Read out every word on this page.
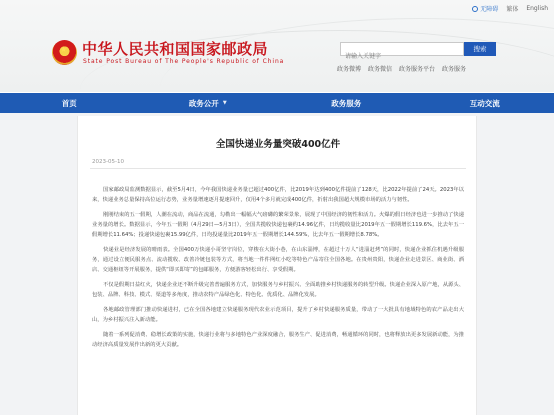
无障碍 繁体 English
★ 中华人民共和国国家邮政局
State Post Bureau of The People's Republic of China
请输入关键字
搜索
政务微博 政务微信 政务服务平台 政务服务
首页	政务公开 ▼	政务服务	互动交流
全国快递业务量突破400亿件
2023-05-10

国家邮政局监测数据显示，截至5月4日，今年我国快递业务量已超过400亿件，比2019年达到400亿件提前了128天，比2022年提前了24天。2023年以来，快递业务总量保持高位运行态势，业务量增速逐月提速回升，仅用4个多月就完成400亿件，折射出我国超大规模市场的活力与韧性。

刚刚结束的五一假期，人潮在流动，商品在流通，勾勒出一幅幅大气磅礴的繁荣景象，展现了中国经济的韧性和活力。火爆的假日经济也进一步推动了快递业务量的增长。数据显示，今年五一假期（4月29日—5月3日），全国共揽收快递包裹约14.96亿件，日均揽收量比2019年五一假期增长119.6%，比去年五一假期增长11.64%；投递快递包裹15.99亿件，日均投递量比2019年五一假期增长144.59%，比去年五一假期增长8.78%。

快递业是经济发展的晴雨表。全国400万快递小哥坚守岗位，穿梭在大街小巷，在山东淄博，在超过十万人“进淄赶烤”的同时，快递企业抓住机遇升级服务，通过设立便民服务点、流动揽收、改善冷链包装等方式，将当地一件件网红小吃等特色产品寄往全国各地。在贵州贵阳，快递企业走进景区、商业街、酒店、交通枢纽等开展服务，提供“即买即寄”的包邮服务，方便游客轻松出行、享受假期。

不仅是假期日益红火，快递企业还不断升级完善普遍服务方式，加快服务与乡村振兴、全面助推乡村快递服务的转型升级。快递企业深入原产地，从源头、包装、品牌、科技、模式、渠道等多角度，推动农特产品绿色化、特色化、优质化、品牌化发展。

各地邮政管理部门推动快递进村，已在全国各地建立快递服务现代农业示范项目，提升了乡村快递服务质量，带动了一大批具有地域特色的农产品走出大山，为乡村振兴注入新动能。

随着一系列促消费、稳增长政策的实施，快递行业将与多地特色产业深度融合，服务生产、促进消费，畅通循环的同时，也将释放出更多发展新动能，为推动经济高质量发展作出新的更大贡献。
